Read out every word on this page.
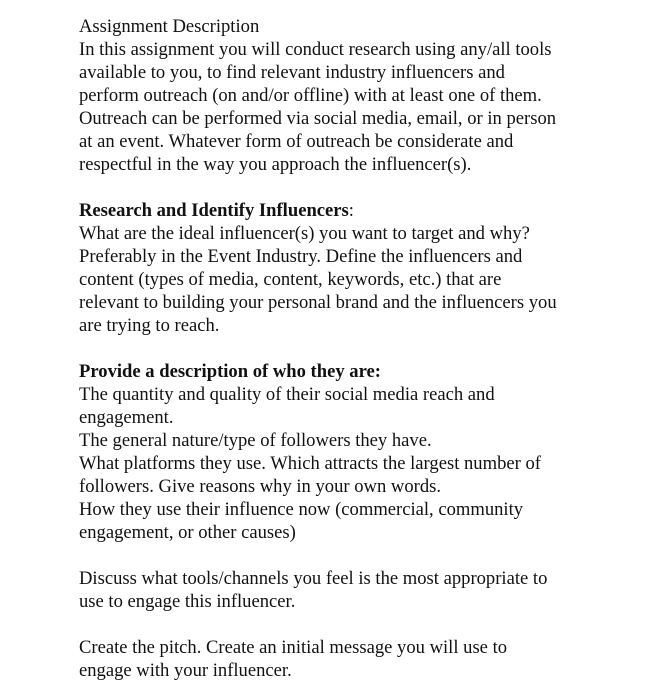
Assignment Description

In this assignment you will conduct research using any/all tools

available to you, to find relevant industry influencers and

perform outreach (on and/or offline) with at least one of them.

Outreach can be performed via social media, email, or in person

at an event. Whatever form of outreach be considerate and

respectful in the way you approach the influencer(s).

Research and Identify Influencers:

What are the ideal influencer(s) you want to target and why?

Preferably in the Event Industry. Define the influencers and

content (types of media, content, keywords, etc.) that are

relevant to building your personal brand and the influencers you

are trying to reach.

Provide a description of who they are:

The quantity and quality of their social media reach and

engagement.

The general nature/type of followers they have.

What platforms they use. Which attracts the largest number of

followers. Give reasons why in your own words.

How they use their influence now (commercial, community

engagement, or other causes)

Discuss what tools/channels you feel is the most appropriate to

use to engage this influencer.

Create the pitch. Create an initial message you will use to

engage with your influencer.
